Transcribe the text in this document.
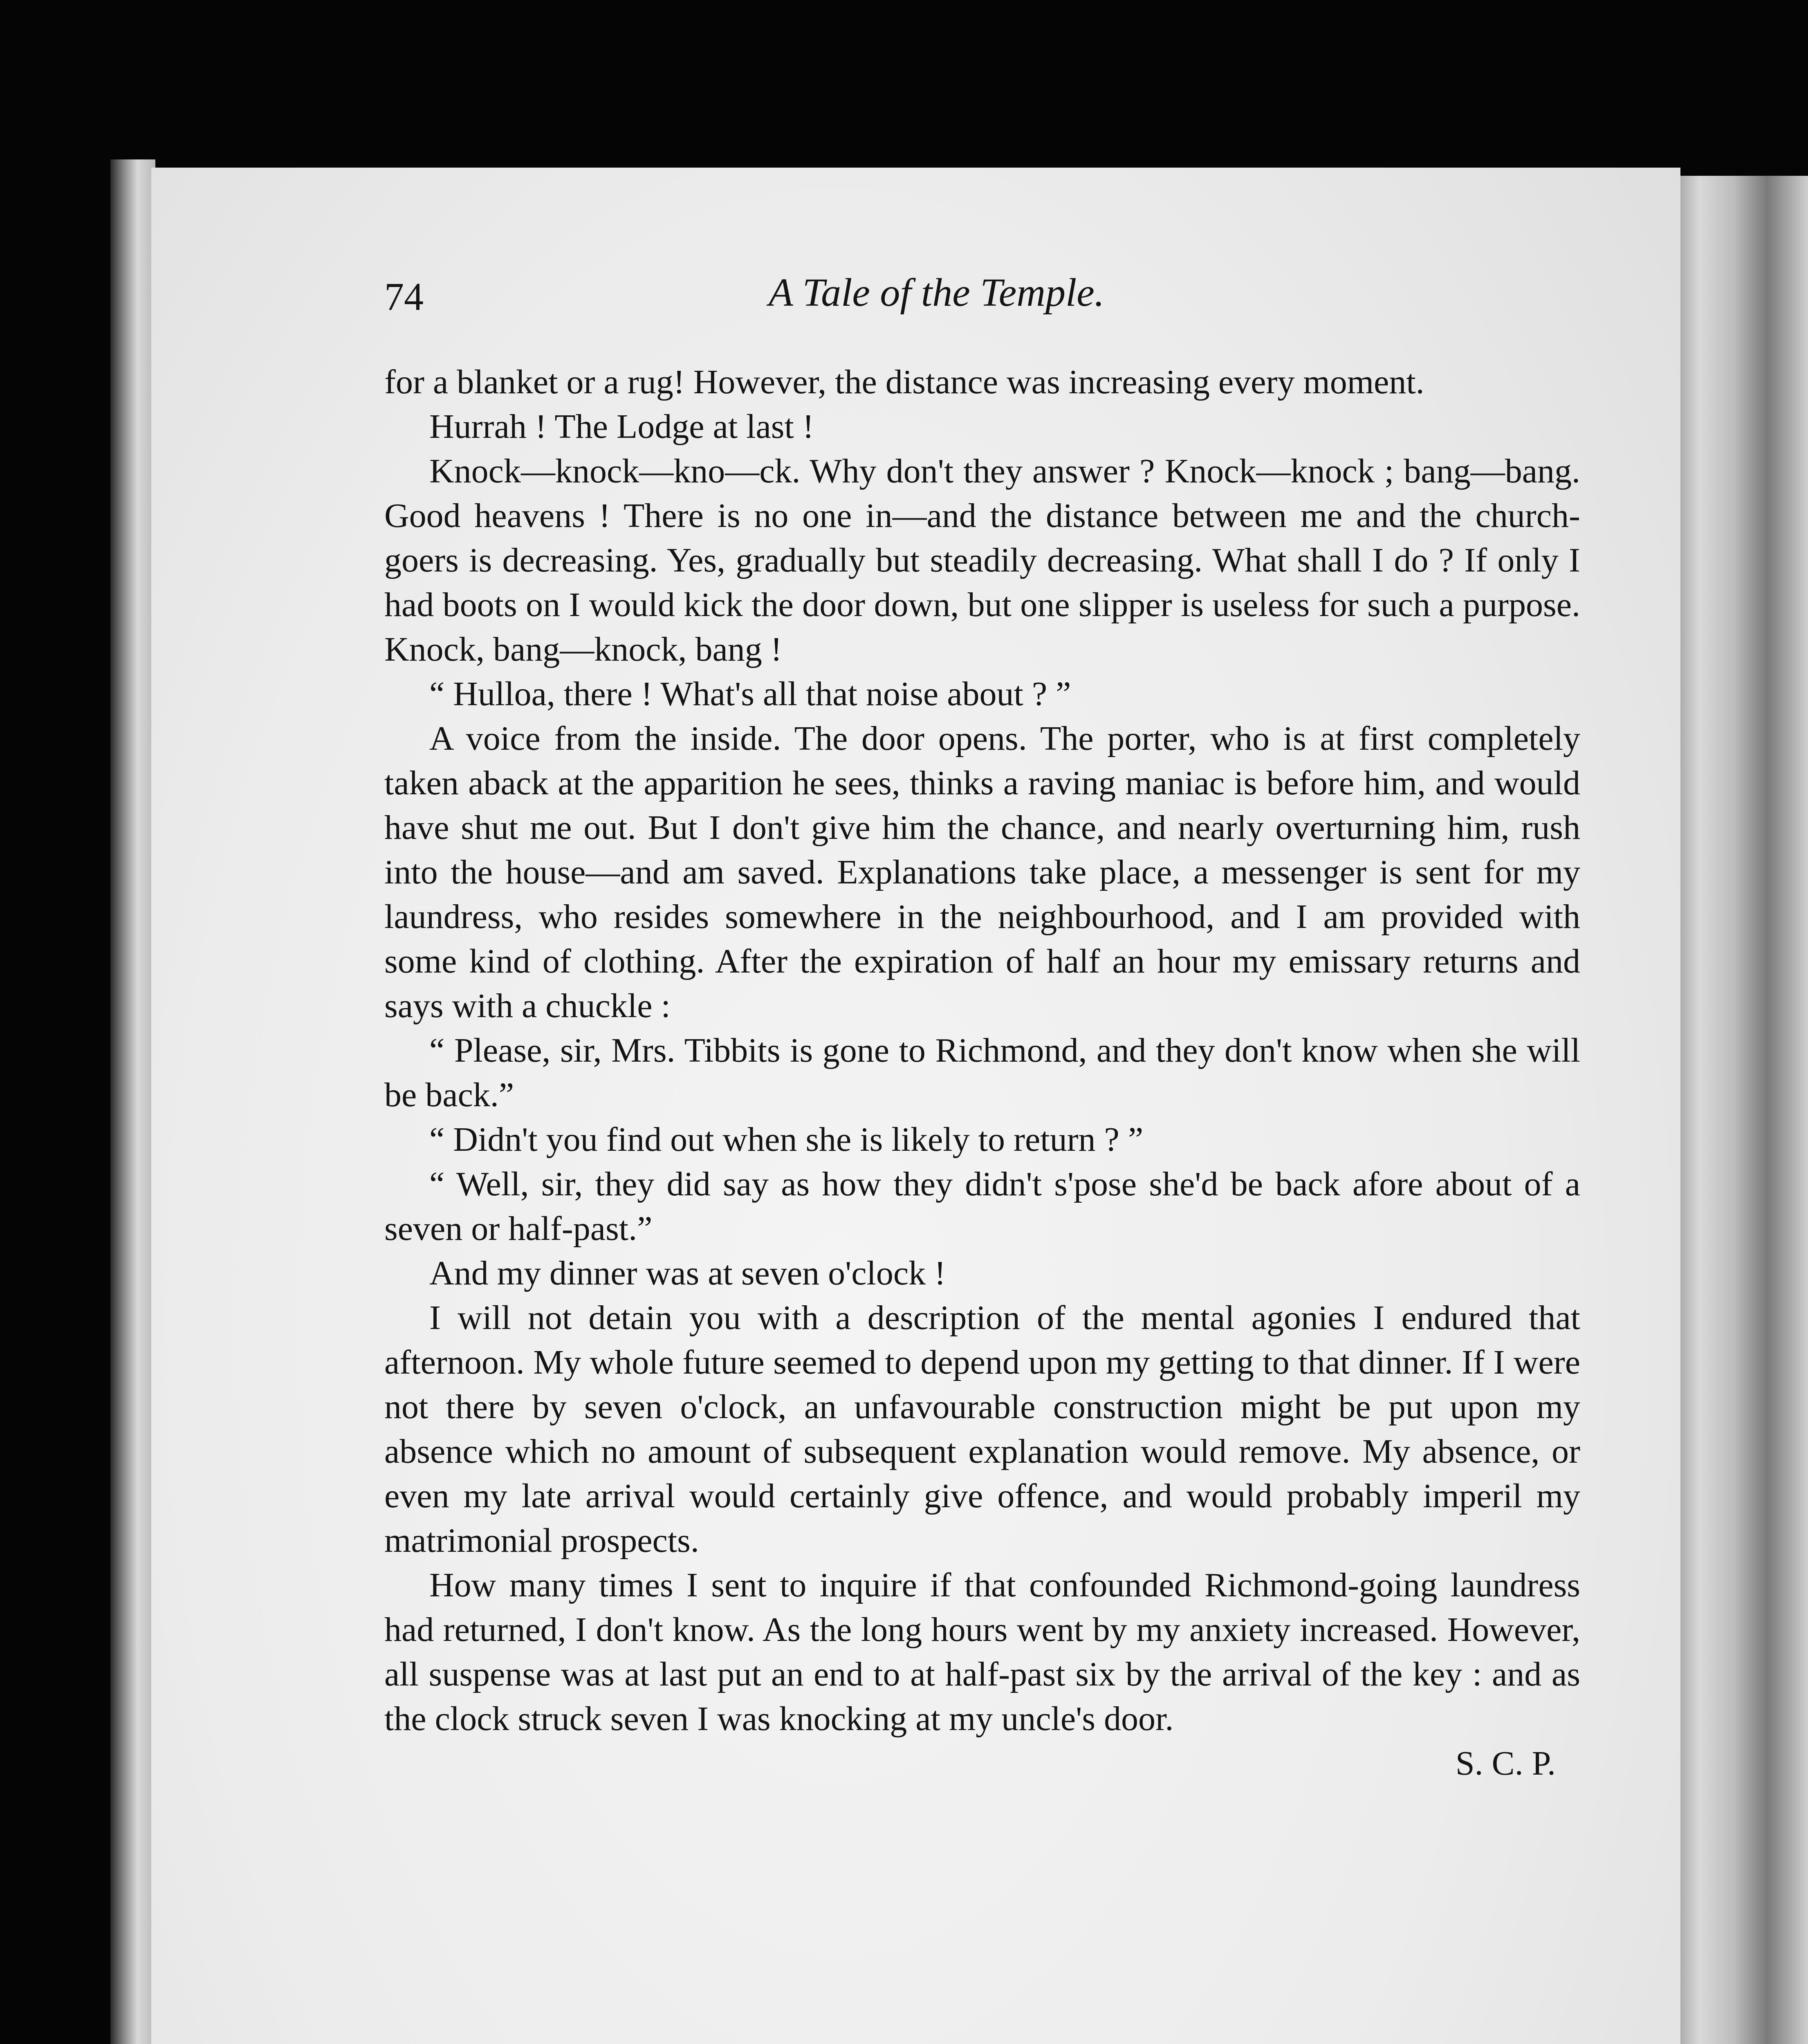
74	A Tale of the Temple.

for a blanket or a rug! However, the distance was increasing every moment.

Hurrah ! The Lodge at last !

Knock—knock—kno—ck. Why don't they answer ? Knock—knock ; bang—bang. Good heavens ! There is no one in—and the distance between me and the church-goers is decreasing. Yes, gradually but steadily decreasing. What shall I do ? If only I had boots on I would kick the door down, but one slipper is useless for such a purpose. Knock, bang—knock, bang !

“ Hulloa, there ! What's all that noise about ? ”

A voice from the inside. The door opens. The porter, who is at first completely taken aback at the apparition he sees, thinks a raving maniac is before him, and would have shut me out. But I don't give him the chance, and nearly overturning him, rush into the house—and am saved. Explanations take place, a messenger is sent for my laundress, who resides somewhere in the neighbourhood, and I am provided with some kind of clothing. After the expiration of half an hour my emissary returns and says with a chuckle :

“ Please, sir, Mrs. Tibbits is gone to Richmond, and they don't know when she will be back.”

“ Didn't you find out when she is likely to return ? ”

“ Well, sir, they did say as how they didn't s'pose she'd be back afore about of a seven or half-past.”

And my dinner was at seven o'clock !

I will not detain you with a description of the mental agonies I endured that afternoon. My whole future seemed to depend upon my getting to that dinner. If I were not there by seven o'clock, an unfavourable construction might be put upon my absence which no amount of subsequent explanation would remove. My absence, or even my late arrival would certainly give offence, and would probably imperil my matrimonial prospects.

How many times I sent to inquire if that confounded Richmond-going laundress had returned, I don't know. As the long hours went by my anxiety increased. However, all suspense was at last put an end to at half-past six by the arrival of the key : and as the clock struck seven I was knocking at my uncle's door.

S. C. P.
